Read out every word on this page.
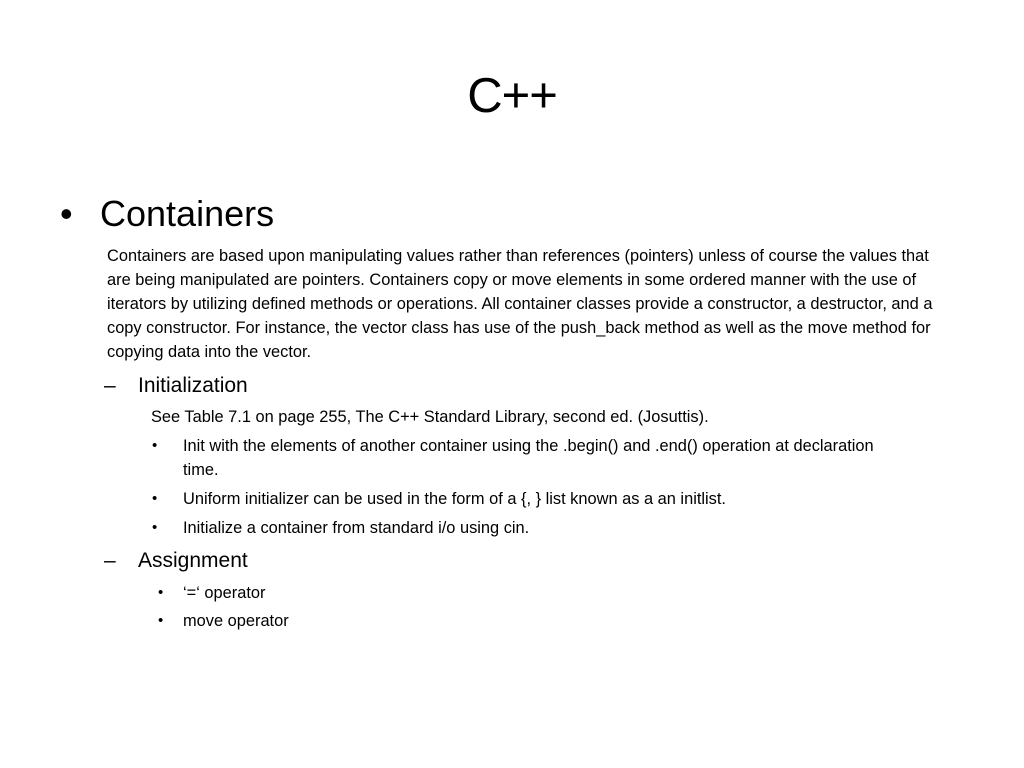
C++
• Containers
Containers are based upon manipulating values rather than references (pointers) unless of course the values that are being manipulated are pointers. Containers copy or move elements in some ordered manner with the use of iterators by utilizing defined methods or operations. All container classes provide a constructor, a destructor, and a copy constructor. For instance, the vector class has use of the push_back method as well as the move method for copying data into the vector.
– Initialization
See Table 7.1 on page 255, The C++ Standard Library, second ed. (Josuttis).
• Init with the elements of another container using the .begin() and .end() operation at declaration time.
• Uniform initializer can be used in the form of a {, } list known as a an initlist.
• Initialize a container from standard i/o using cin.
– Assignment
• ‘=‘ operator
• move operator
